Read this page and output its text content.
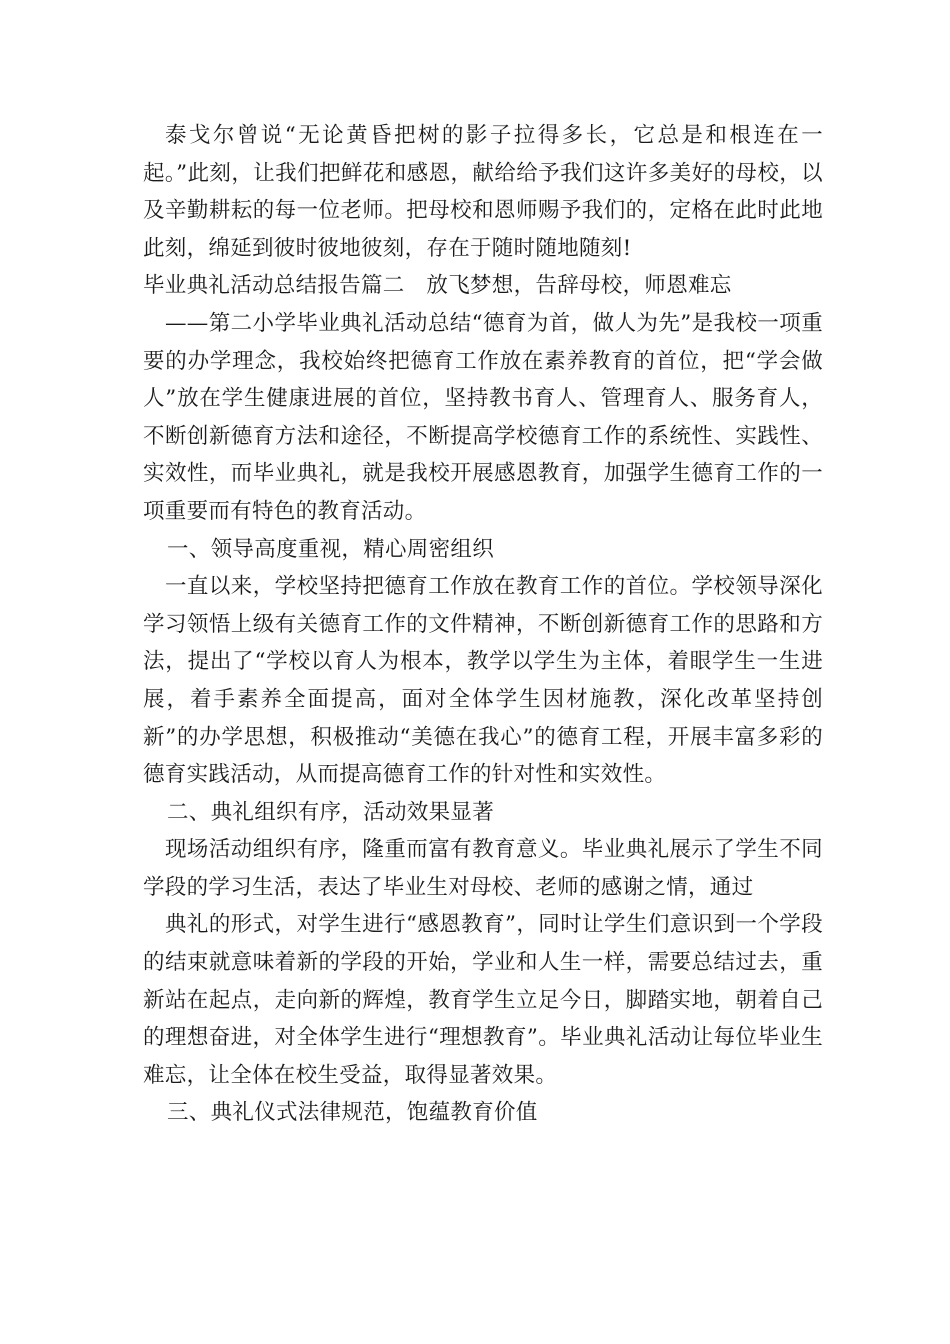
泰戈尔曾说“无论黄昏把树的影子拉得多长，它总是和根连在一起。”此刻，让我们把鲜花和感恩，献给给予我们这许多美好的母校，以及辛勤耕耘的每一位老师。把母校和恩师赐予我们的，定格在此时此地此刻，绵延到彼时彼地彼刻，存在于随时随地随刻!

毕业典礼活动总结报告篇二　放飞梦想，告辞母校，师恩难忘

——第二小学毕业典礼活动总结“德育为首，做人为先”是我校一项重要的办学理念，我校始终把德育工作放在素养教育的首位，把“学会做人”放在学生健康进展的首位，坚持教书育人、管理育人、服务育人，不断创新德育方法和途径，不断提高学校德育工作的系统性、实践性、实效性，而毕业典礼，就是我校开展感恩教育，加强学生德育工作的一项重要而有特色的教育活动。

一、领导高度重视，精心周密组织

一直以来，学校坚持把德育工作放在教育工作的首位。学校领导深化学习领悟上级有关德育工作的文件精神，不断创新德育工作的思路和方法，提出了“学校以育人为根本，教学以学生为主体，着眼学生一生进展，着手素养全面提高，面对全体学生因材施教，深化改革坚持创新”的办学思想，积极推动“美德在我心”的德育工程，开展丰富多彩的德育实践活动，从而提高德育工作的针对性和实效性。

二、典礼组织有序，活动效果显著

现场活动组织有序，隆重而富有教育意义。毕业典礼展示了学生不同学段的学习生活，表达了毕业生对母校、老师的感谢之情，通过

典礼的形式，对学生进行“感恩教育”，同时让学生们意识到一个学段的结束就意味着新的学段的开始，学业和人生一样，需要总结过去，重新站在起点，走向新的辉煌，教育学生立足今日，脚踏实地，朝着自己的理想奋进，对全体学生进行“理想教育”。毕业典礼活动让每位毕业生难忘，让全体在校生受益，取得显著效果。

三、典礼仪式法律规范，饱蕴教育价值
